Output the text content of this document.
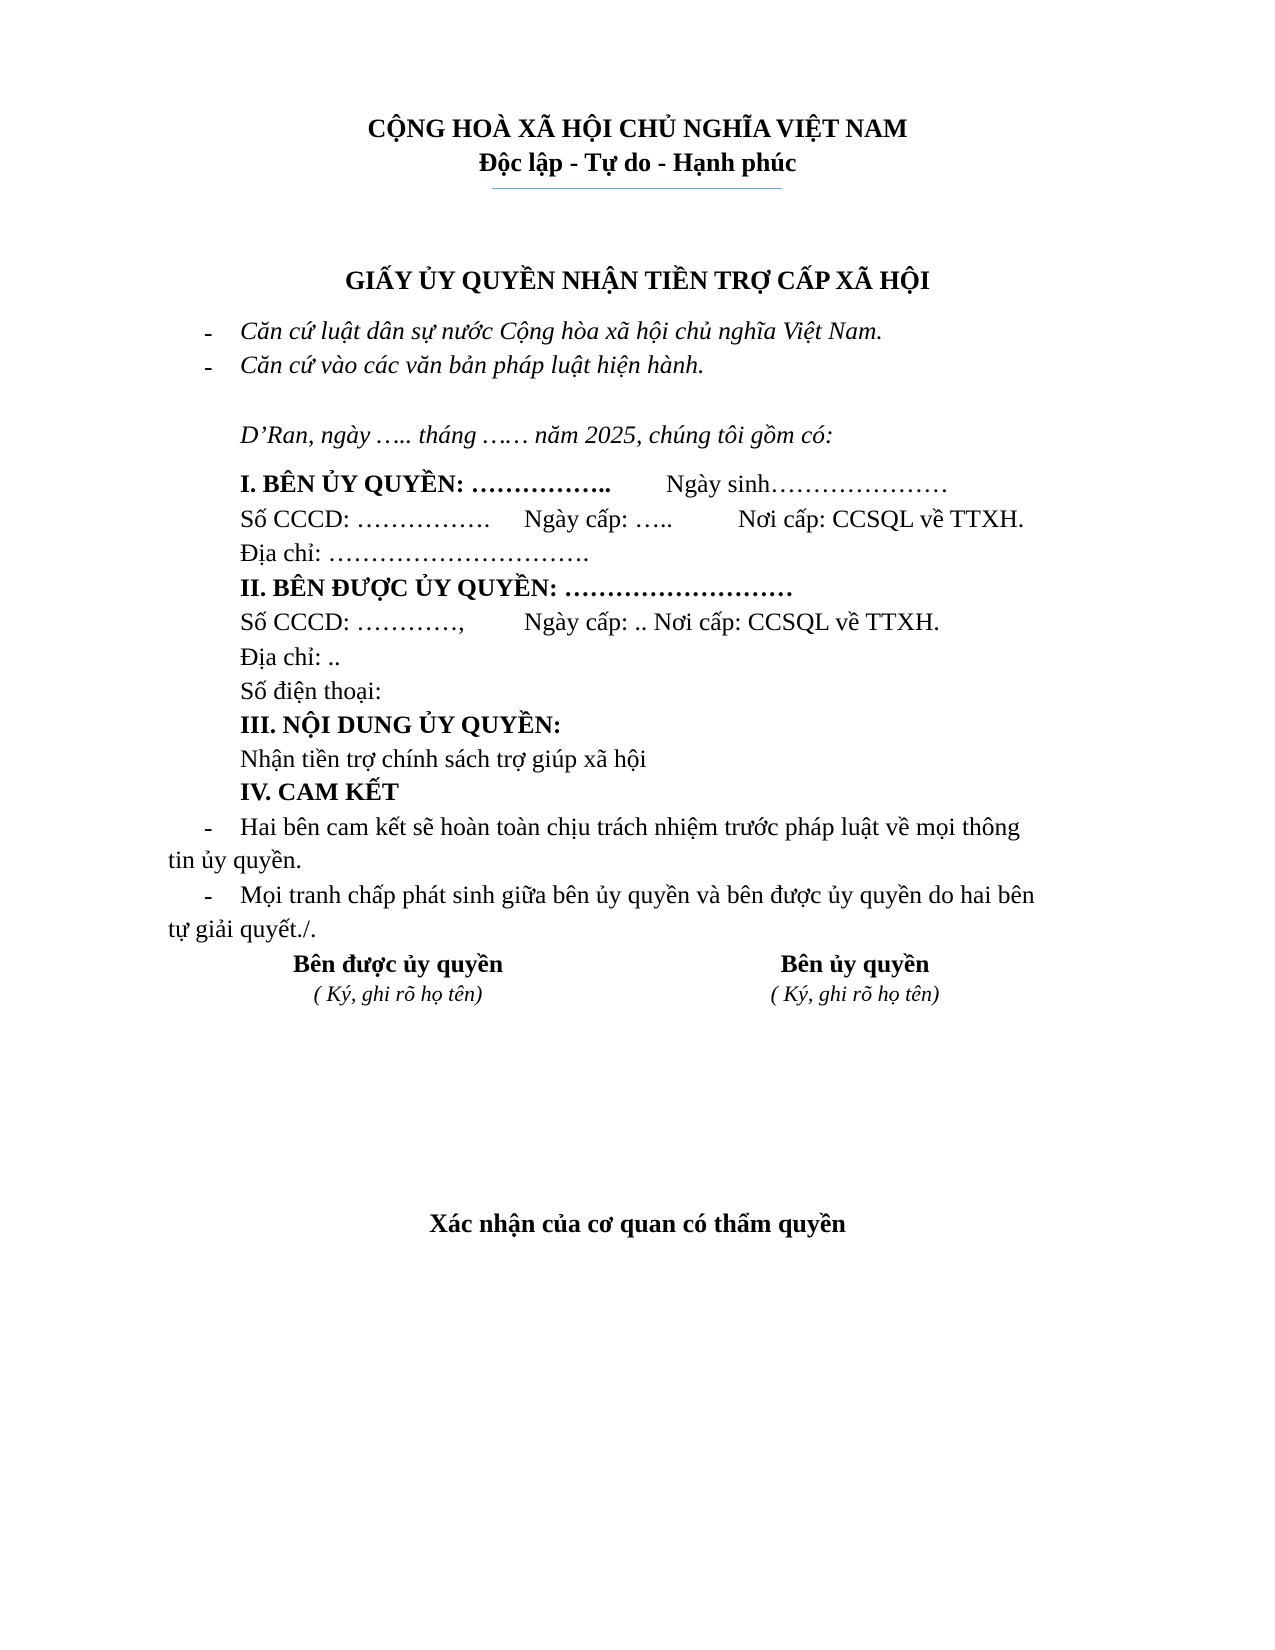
CỘNG HOÀ XÃ HỘI CHỦ NGHĨA VIỆT NAM
Độc lập - Tự do - Hạnh phúc
GIẤY ỦY QUYỀN NHẬN TIỀN TRỢ CẤP XÃ HỘI
- Căn cứ luật dân sự nước Cộng hòa xã hội chủ nghĩa Việt Nam.
- Căn cứ vào các văn bản pháp luật hiện hành.
D’Ran, ngày ….. tháng …… năm 2025, chúng tôi gồm có:
I. BÊN ỦY QUYỀN: …………….. Ngày sinh…………………
Số CCCD: ……………. Ngày cấp: …..	Nơi cấp: CCSQL về TTXH.
Địa chỉ: ………………………….
II. BÊN ĐƯỢC ỦY QUYỀN: ………………………
Số CCCD: …………, Ngày cấp: .. Nơi cấp: CCSQL về TTXH.
Địa chỉ: ..
Số điện thoại:
III. NỘI DUNG ỦY QUYỀN:
Nhận tiền trợ chính sách trợ giúp xã hội
IV. CAM KẾT
- Hai bên cam kết sẽ hoàn toàn chịu trách nhiệm trước pháp luật về mọi thông
tin ủy quyền.
- Mọi tranh chấp phát sinh giữa bên ủy quyền và bên được ủy quyền do hai bên
tự giải quyết./.
Bên được ủy quyền
( Ký, ghi rõ họ tên)
Bên ủy quyền
( Ký, ghi rõ họ tên)
Xác nhận của cơ quan có thẩm quyền
